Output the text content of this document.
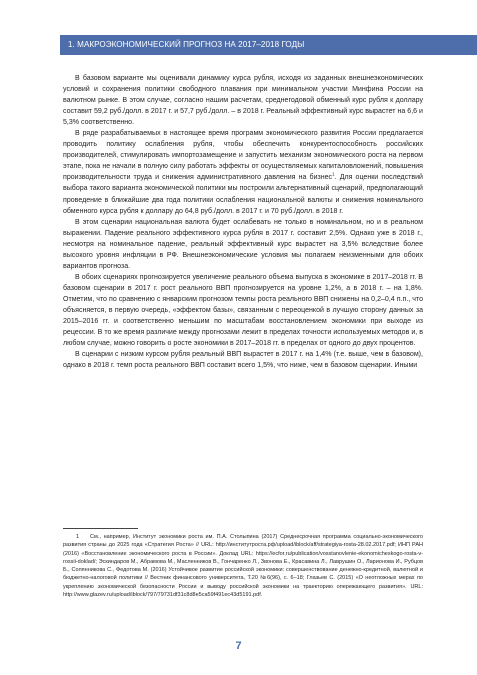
1. МАКРОЭКОНОМИЧЕСКИЙ ПРОГНОЗ НА 2017–2018 ГОДЫ

В базовом варианте мы оценивали динамику курса рубля, исходя из заданных внешнеэкономических условий и сохранения политики свободного плавания при минимальном участии Минфина России на валютном рынке. В этом случае, согласно нашим расчетам, среднегодовой обменный курс рубля к доллару составит 59,2 руб./долл. в 2017 г. и 57,7 руб./долл. – в 2018 г. Реальный эффективный курс вырастет на 6,6 и 5,3% соответственно.

В ряде разрабатываемых в настоящее время программ экономического развития России предлагается проводить политику ослабления рубля, чтобы обеспечить конкурентоспособность российских производителей, стимулировать импортозамещение и запустить механизм экономического роста на первом этапе, пока не начали в полную силу работать эффекты от осуществляемых капиталовложений, повышения производительности труда и снижения административного давления на бизнес$^1$. Для оценки последствий выбора такого варианта экономической политики мы построили альтернативный сценарий, предполагающий проведение в ближайшие два года политики ослабления национальной валюты и снижения номинального обменного курса рубля к доллару до 64,8 руб./долл. в 2017 г. и 70 руб./долл. в 2018 г.

В этом сценарии национальная валюта будет ослабевать не только в номинальном, но и в реальном выражении. Падение реального эффективного курса рубля в 2017 г. составит 2,5%. Однако уже в 2018 г., несмотря на номинальное падение, реальный эффективный курс вырастет на 3,5% вследствие более высокого уровня инфляции в РФ. Внешнеэкономические условия мы полагаем неизменными для обоих вариантов прогноза.

В обоих сценариях прогнозируется увеличение реального объема выпуска в экономике в 2017–2018 гг. В базовом сценарии в 2017 г. рост реального ВВП прогнозируется на уровне 1,2%, а в 2018 г. – на 1,8%. Отметим, что по сравнению с январским прогнозом темпы роста реального ВВП снижены на 0,2–0,4 п.п., что объясняется, в первую очередь, «эффектом базы», связанным с переоценкой в лучшую сторону данных за 2015–2016 гг. и соответственно меньшим по масштабам восстановлением экономики при выходе из рецессии. В то же время различие между прогнозами лежит в пределах точности используемых методов и, в любом случае, можно говорить о росте экономики в 2017–2018 гг. в пределах от одного до двух процентов.

В сценарии с низким курсом рубля реальный ВВП вырастет в 2017 г. на 1,4% (т.е. выше, чем в базовом), однако в 2018 г. темп роста реального ВВП составит всего 1,5%, что ниже, чем в базовом сценарии. Иными

1 См., например, Институт экономики роста им. П.А. Столыпина (2017) Среднесрочная программа социально-экономического развития страны до 2025 года «Стратегия Роста» // URL: http://институтроста.рф/upload/iblock/aff/strategiya-rosta-28.02.2017.pdf; ИНП РАН (2016) «Восстановление экономического роста в России». Доклад URL: https://ecfor.ru/publication/vosstanovlenie-ekonomicheskogo-rosta-v-rossii-doklad/; Эскиндаров М., Абрамова М., Масленников В., Гончаренко Л., Звонова Е., Красавина Л., Лаврушин О., Ларионова И., Рубцов Б., Солянникова С., Федотова М. (2016) Устойчивое развитие российской экономики: совершенствование денежно-кредитной, валютной и бюджетно-налоговой политики // Вестник финансового университета, Т.20 №6(96), с. 6–18; Глазьев С. (2015) «О неотложных мерах по укреплению экономической безопасности России и выводу российской экономики на траекторию опережающего развития». URL: http://www.glazev.ru/upload/iblock/797/79731df31c8d8e5ca59f491ec43d5191.pdf.

7
